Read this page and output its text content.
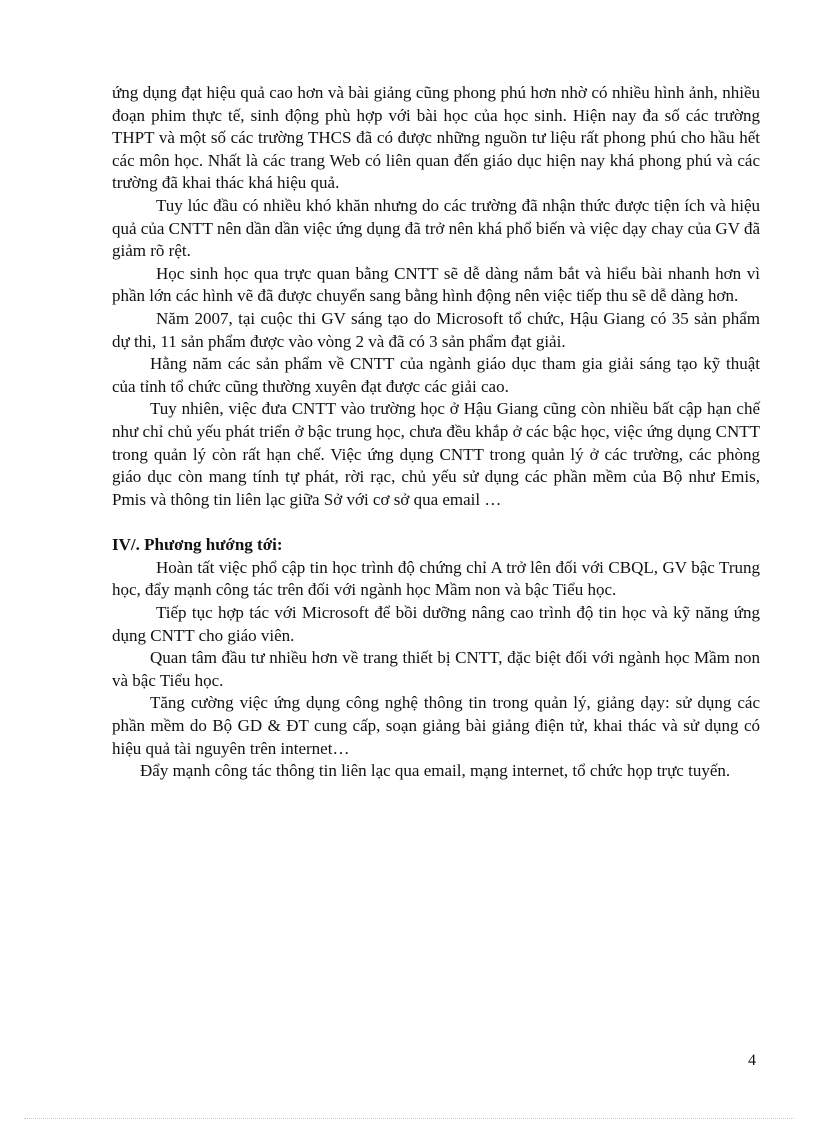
ứng dụng đạt hiệu quả cao hơn và bài giảng cũng phong phú hơn nhờ có nhiều hình ảnh, nhiều đoạn phim thực tế, sinh động phù hợp với bài học của học sinh. Hiện nay đa số các trường THPT và một số các trường THCS đã có được những nguồn tư liệu rất phong phú cho hầu hết các môn học. Nhất là các trang Web có liên quan đến giáo dục hiện nay khá phong phú và các trường đã khai thác khá hiệu quả.

Tuy lúc đầu có nhiều khó khăn nhưng do các trường đã nhận thức được tiện ích và hiệu quả của CNTT nên dần dần việc ứng dụng đã trở nên khá phổ biến và việc dạy chay của GV đã giảm rõ rệt.

Học sinh học qua trực quan bằng CNTT sẽ dễ dàng nắm bắt và hiểu bài nhanh hơn vì phần lớn các hình vẽ đã được chuyển sang bằng hình động nên việc tiếp thu sẽ dễ dàng hơn.

Năm 2007, tại cuộc thi GV sáng tạo do Microsoft tổ chức, Hậu Giang có 35 sản phẩm dự thi, 11 sản phẩm được vào vòng 2 và đã có 3 sản phẩm đạt giải.

Hằng năm các sản phẩm về CNTT của ngành giáo dục tham gia giải sáng tạo kỹ thuật của tỉnh tổ chức cũng thường xuyên đạt được các giải cao.

Tuy nhiên, việc đưa CNTT vào trường học ở Hậu Giang cũng còn nhiều bất cập hạn chế như chỉ chủ yếu phát triển ở bậc trung học, chưa đều khắp ở các bậc học, việc ứng dụng CNTT trong quản lý còn rất hạn chế. Việc ứng dụng CNTT trong quản lý ở các trường, các phòng giáo dục còn mang tính tự phát, rời rạc, chủ yếu sử dụng các phần mềm của Bộ như Emis, Pmis và thông tin liên lạc giữa Sở với cơ sở qua email …

IV/. Phương hướng tới:

Hoàn tất việc phổ cập tin học trình độ chứng chỉ A trở lên đối với CBQL, GV bậc Trung học, đẩy mạnh công tác trên đối với ngành học Mầm non và bậc Tiểu học.

Tiếp tục hợp tác với Microsoft để bồi dưỡng nâng cao trình độ tin học và kỹ năng ứng dụng CNTT cho giáo viên.

Quan tâm đầu tư nhiều hơn về trang thiết bị CNTT, đặc biệt đối với ngành học Mầm non và bậc Tiểu học.

Tăng cường việc ứng dụng công nghệ thông tin trong quản lý, giảng dạy: sử dụng các phần mềm do Bộ GD & ĐT cung cấp, soạn giảng bài giảng điện tử, khai thác và sử dụng có hiệu quả tài nguyên trên internet…

Đẩy mạnh công tác thông tin liên lạc qua email, mạng internet, tổ chức họp trực tuyến.

4
